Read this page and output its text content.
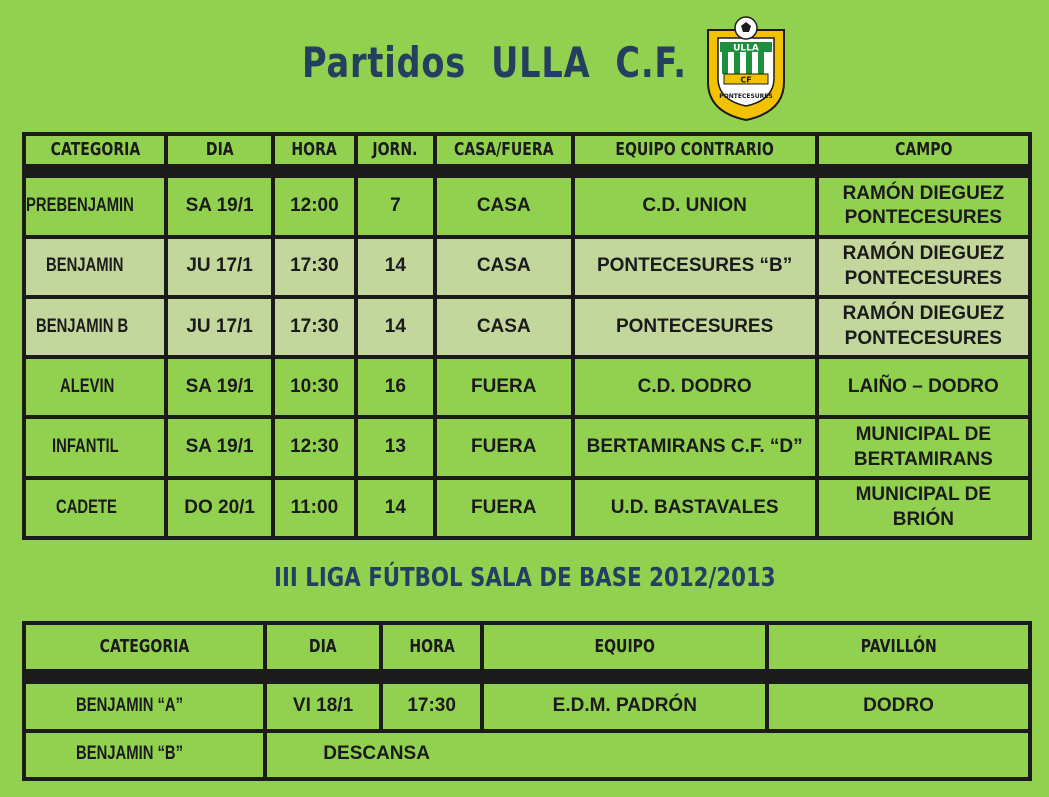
Partidos  ULLA  C.F.	ULLA
CF
PONTECESURES
CATEGORIA	DIA	HORA	JORN.	CASA/FUERA	EQUIPO CONTRARIO	CAMPO

PREBENJAMIN	SA 19/1	12:00	7	CASA	C.D. UNION	RAMÓN DIEGUEZ
PONTECESURES
BENJAMIN	JU 17/1	17:30	14	CASA	PONTECESURES “B”	RAMÓN DIEGUEZ
PONTECESURES
BENJAMIN B	JU 17/1	17:30	14	CASA	PONTECESURES	RAMÓN DIEGUEZ
PONTECESURES
ALEVIN	SA 19/1	10:30	16	FUERA	C.D. DODRO	LAIÑO – DODRO
INFANTIL	SA 19/1	12:30	13	FUERA	BERTAMIRANS C.F. “D”	MUNICIPAL DE
BERTAMIRANS
CADETE	DO 20/1	11:00	14	FUERA	U.D. BASTAVALES	MUNICIPAL DE
BRIÓN
III LIGA FÚTBOL SALA DE BASE 2012/2013
CATEGORIA	DIA	HORA	EQUIPO	PAVILLÓN

BENJAMIN “A”	VI 18/1	17:30	E.D.M. PADRÓN	DODRO
BENJAMIN “B”	DESCANSA			
